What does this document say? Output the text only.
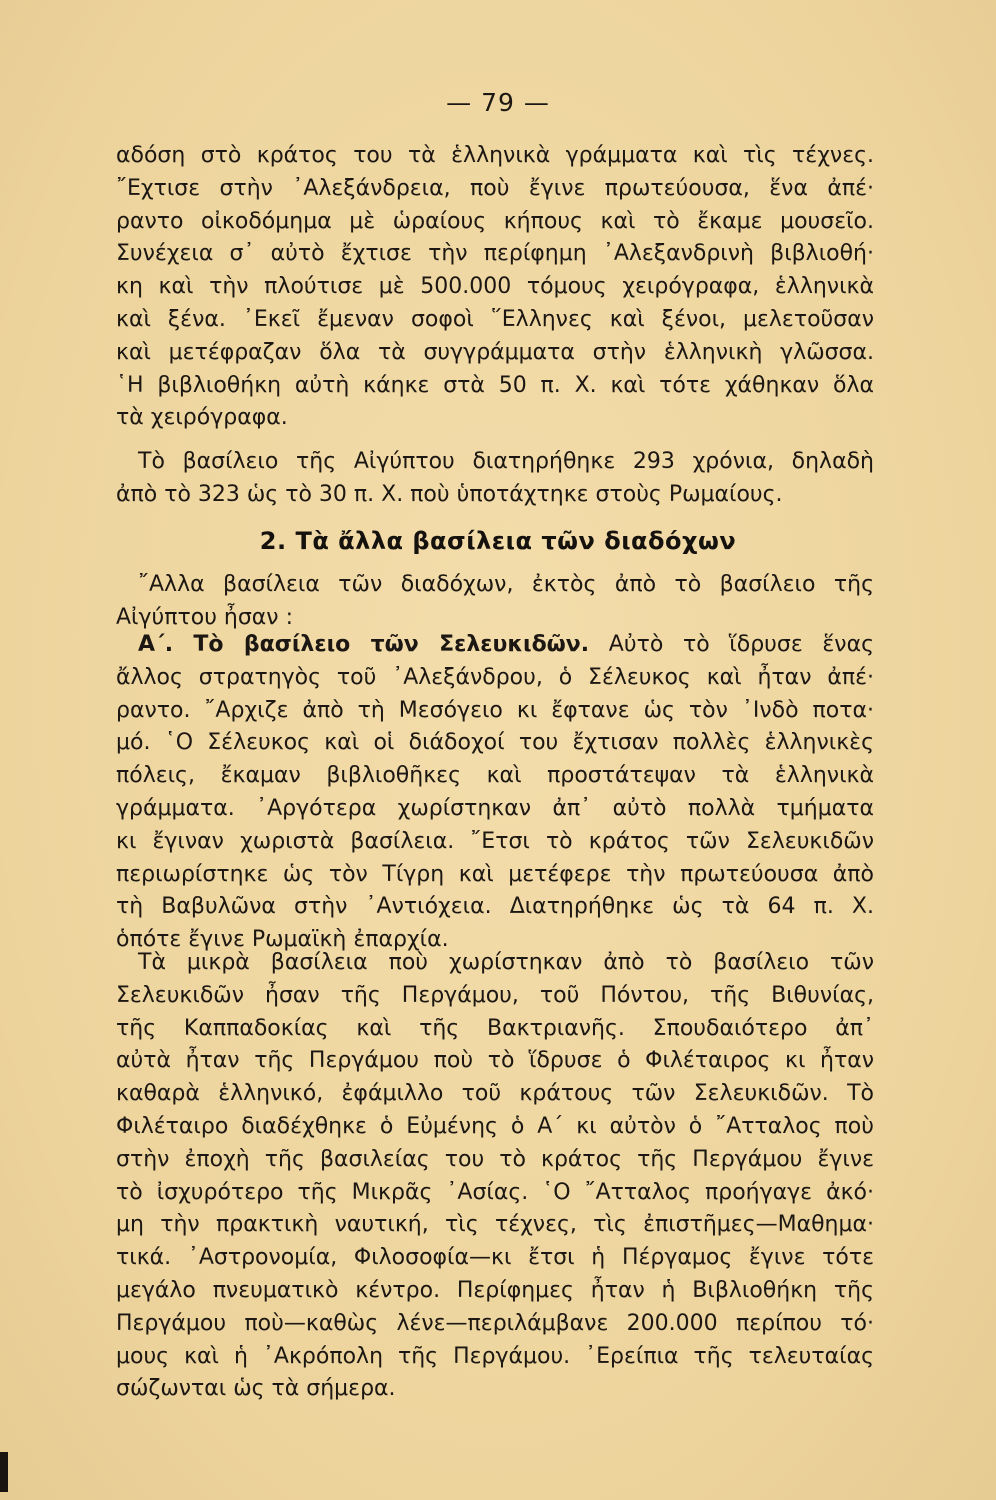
— 79 —
αδόση στὸ κράτος του τὰ ἑλληνικὰ γράμματα καὶ τὶς τέχνες.
῎Εχτισε στὴν ᾿Αλεξάνδρεια, ποὺ ἔγινε πρωτεύουσα, ἕνα ἀπέ·
ραντο οἰκοδόμημα μὲ ὡραίους κήπους καὶ τὸ ἔκαμε μουσεῖο.
Συνέχεια σ᾿ αὐτὸ ἔχτισε τὴν περίφημη ᾿Αλεξανδρινὴ βιβλιοθή·
κη καὶ τὴν πλούτισε μὲ 500.000 τόμους χειρόγραφα, ἑλληνικὰ
καὶ ξένα. ᾿Εκεῖ ἔμεναν σοφοὶ ῞Ελληνες καὶ ξένοι, μελετοῦσαν
καὶ μετέφραζαν ὅλα τὰ συγγράμματα στὴν ἑλληνικὴ γλῶσσα.
῾Η βιβλιοθήκη αὐτὴ κάηκε στὰ 50 π. Χ. καὶ τότε χάθηκαν ὅλα
τὰ χειρόγραφα.
Τὸ βασίλειο τῆς Αἰγύπτου διατηρήθηκε 293 χρόνια, δηλαδὴ
ἀπὸ τὸ 323 ὡς τὸ 30 π. Χ. ποὺ ὑποτάχτηκε στοὺς Ρωμαίους.
2. Τὰ ἄλλα βασίλεια τῶν διαδόχων
῎Αλλα βασίλεια τῶν διαδόχων, ἐκτὸς ἀπὸ τὸ βασίλειο τῆς
Αἰγύπτου ἦσαν :
Α΄. Τὸ βασίλειο τῶν Σελευκιδῶν. Αὐτὸ τὸ ἵδρυσε ἕνας
ἄλλος στρατηγὸς τοῦ ᾿Αλεξάνδρου, ὁ Σέλευκος καὶ ἦταν ἀπέ·
ραντο. ῎Αρχιζε ἀπὸ τὴ Μεσόγειο κι ἔφτανε ὡς τὸν ᾿Ινδὸ ποτα·
μό. ῾Ο Σέλευκος καὶ οἱ διάδοχοί του ἔχτισαν πολλὲς ἑλληνικὲς
πόλεις, ἔκαμαν βιβλιοθῆκες καὶ προστάτεψαν τὰ ἑλληνικὰ
γράμματα. ᾿Αργότερα χωρίστηκαν ἀπ᾿ αὐτὸ πολλὰ τμήματα
κι ἔγιναν χωριστὰ βασίλεια. ῎Ετσι τὸ κράτος τῶν Σελευκιδῶν
περιωρίστηκε ὡς τὸν Τίγρη καὶ μετέφερε τὴν πρωτεύουσα ἀπὸ
τὴ Βαβυλῶνα στὴν ᾿Αντιόχεια. Διατηρήθηκε ὡς τὰ 64 π. Χ.
ὁπότε ἔγινε Ρωμαϊκὴ ἐπαρχία.
Τὰ μικρὰ βασίλεια ποὺ χωρίστηκαν ἀπὸ τὸ βασίλειο τῶν
Σελευκιδῶν ἦσαν τῆς Περγάμου, τοῦ Πόντου, τῆς Βιθυνίας,
τῆς Καππαδοκίας καὶ τῆς Βακτριανῆς. Σπουδαιότερο ἀπ᾿
αὐτὰ ἦταν τῆς Περγάμου ποὺ τὸ ἵδρυσε ὁ Φιλέταιρος κι ἦταν
καθαρὰ ἑλληνικό, ἐφάμιλλο τοῦ κράτους τῶν Σελευκιδῶν. Τὸ
Φιλέταιρο διαδέχθηκε ὁ Εὐμένης ὁ Α΄ κι αὐτὸν ὁ ῎Ατταλος ποὺ
στὴν ἐποχὴ τῆς βασιλείας του τὸ κράτος τῆς Περγάμου ἔγινε
τὸ ἰσχυρότερο τῆς Μικρᾶς ᾿Ασίας. ῾Ο ῎Ατταλος προήγαγε ἀκό·
μη τὴν πρακτικὴ ναυτική, τὶς τέχνες, τὶς ἐπιστῆμες—Μαθημα·
τικά. ᾿Αστρονομία, Φιλοσοφία—κι ἔτσι ἡ Πέργαμος ἔγινε τότε
μεγάλο πνευματικὸ κέντρο. Περίφημες ἦταν ἡ Βιβλιοθήκη τῆς
Περγάμου ποὺ—καθὼς λένε—περιλάμβανε 200.000 περίπου τό·
μους καὶ ἡ ᾿Ακρόπολη τῆς Περγάμου. ᾿Ερείπια τῆς τελευταίας
σώζωνται ὡς τὰ σήμερα.
